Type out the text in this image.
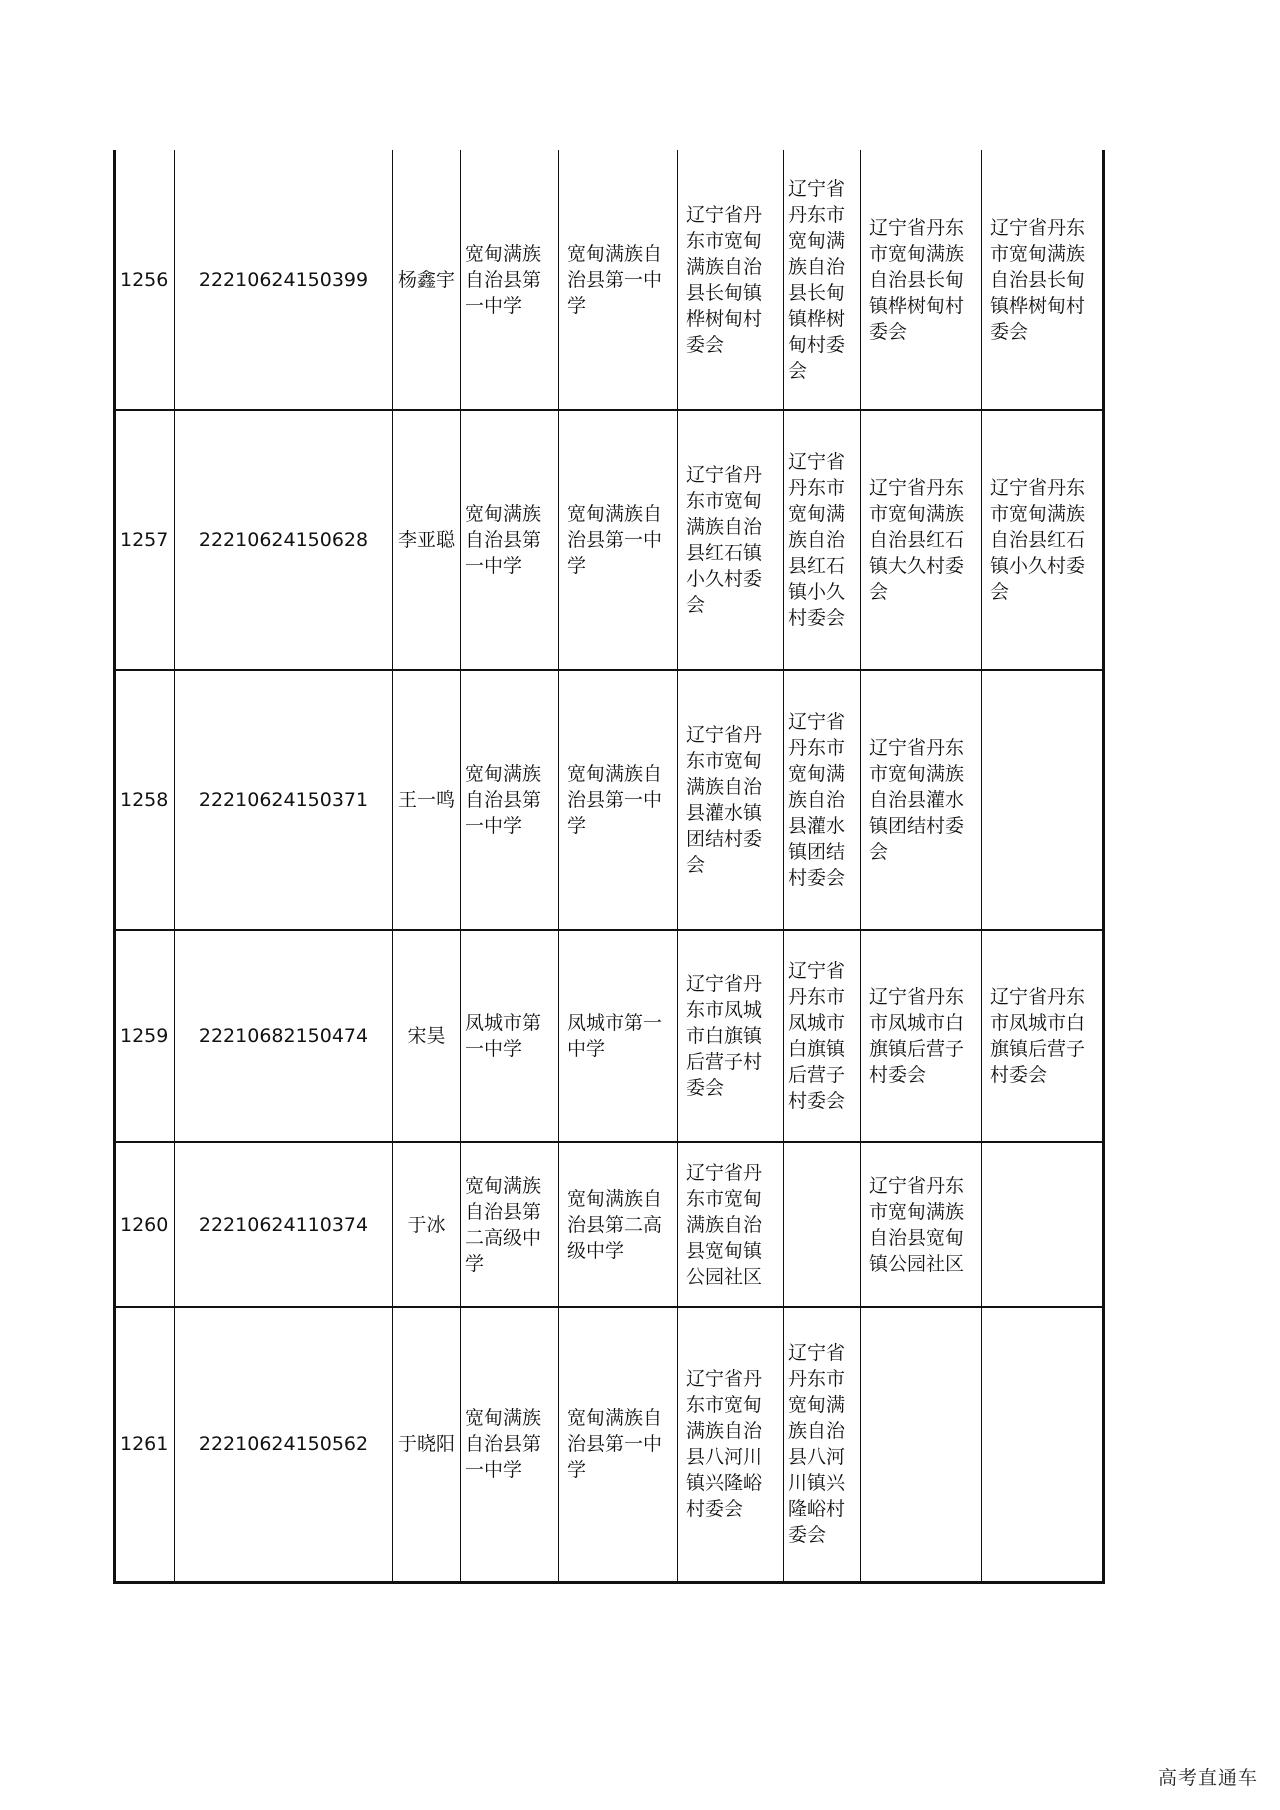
1256	22210624150399	杨鑫宇	宽甸满族自治县第一中学	宽甸满族自治县第一中学	辽宁省丹东市宽甸满族自治县长甸镇桦树甸村委会	辽宁省丹东市宽甸满族自治县长甸镇桦树甸村委会	辽宁省丹东市宽甸满族自治县长甸镇桦树甸村委会	辽宁省丹东市宽甸满族自治县长甸镇桦树甸村委会
1257	22210624150628	李亚聪	宽甸满族自治县第一中学	宽甸满族自治县第一中学	辽宁省丹东市宽甸满族自治县红石镇小久村委会	辽宁省丹东市宽甸满族自治县红石镇小久村委会	辽宁省丹东市宽甸满族自治县红石镇大久村委会	辽宁省丹东市宽甸满族自治县红石镇小久村委会
1258	22210624150371	王一鸣	宽甸满族自治县第一中学	宽甸满族自治县第一中学	辽宁省丹东市宽甸满族自治县灌水镇团结村委会	辽宁省丹东市宽甸满族自治县灌水镇团结村委会	辽宁省丹东市宽甸满族自治县灌水镇团结村委会	
1259	22210682150474	宋昊	凤城市第一中学	凤城市第一中学	辽宁省丹东市凤城市白旗镇后营子村委会	辽宁省丹东市凤城市白旗镇后营子村委会	辽宁省丹东市凤城市白旗镇后营子村委会	辽宁省丹东市凤城市白旗镇后营子村委会
1260	22210624110374	于冰	宽甸满族自治县第二高级中学	宽甸满族自治县第二高级中学	辽宁省丹东市宽甸满族自治县宽甸镇公园社区		辽宁省丹东市宽甸满族自治县宽甸镇公园社区	
1261	22210624150562	于晓阳	宽甸满族自治县第一中学	宽甸满族自治县第一中学	辽宁省丹东市宽甸满族自治县八河川镇兴隆峪村委会	辽宁省丹东市宽甸满族自治县八河川镇兴隆峪村委会		
高考直通车
